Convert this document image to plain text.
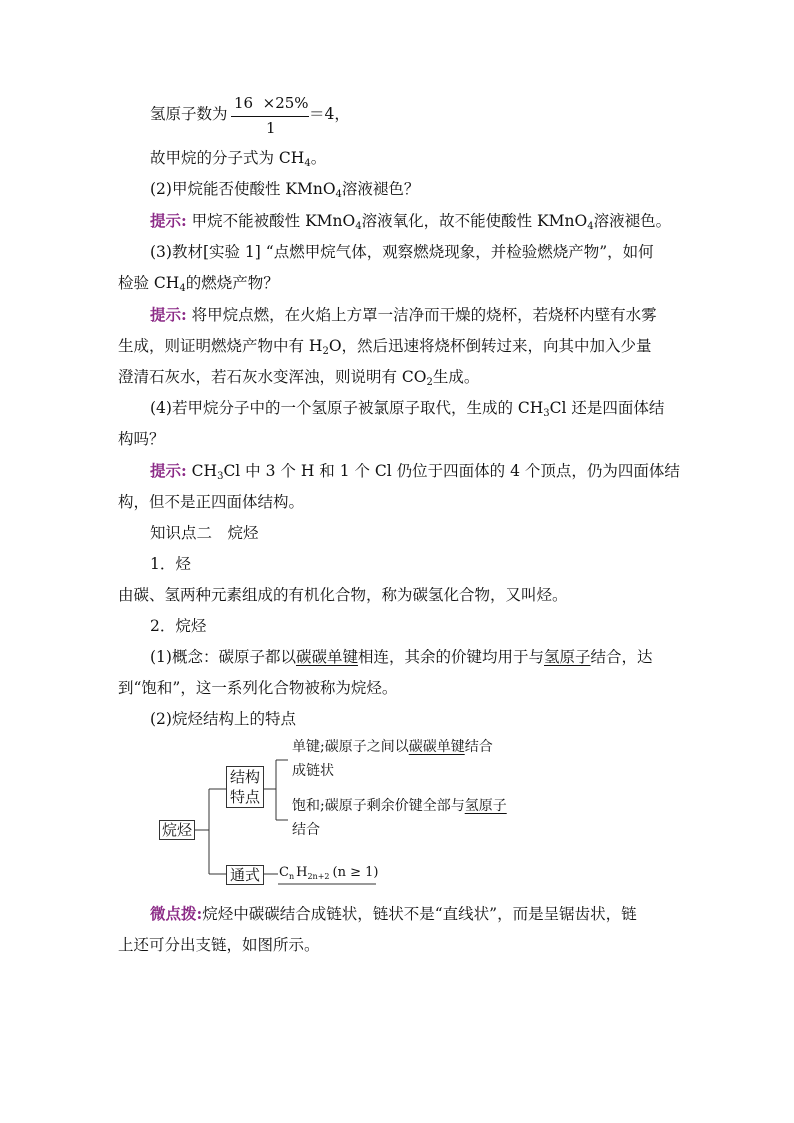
氢原子数为
16  ×25%
1
＝4，
故甲烷的分子式为 $CH_4$。
(2)甲烷能否使酸性 KMnO$_4$溶液褪色？
提示: 甲烷不能被酸性 KMnO$_4$溶液氧化，故不能使酸性 KMnO$_4$溶液褪色。
(3)教材[实验 1] “点燃甲烷气体，观察燃烧现象，并检验燃烧产物”，如何
检验 $CH_4$的燃烧产物？
提示: 将甲烷点燃，在火焰上方罩一洁净而干燥的烧杯，若烧杯内壁有水雾
生成，则证明燃烧产物中有 $H_2O$，然后迅速将烧杯倒转过来，向其中加入少量
澄清石灰水，若石灰水变浑浊，则说明有 $CO_2$生成。
(4)若甲烷分子中的一个氢原子被氯原子取代，生成的 $CH_3Cl$ 还是四面体结
构吗？
提示: $CH_3Cl$ 中 3 个 H 和 1 个 Cl 仍位于四面体的 4 个顶点，仍为四面体结
构，但不是正四面体结构。
知识点二　烷烃
1．烃
由碳、氢两种元素组成的有机化合物，称为碳氢化合物，又叫烃。
2．烷烃
(1)概念：碳原子都以碳碳单键相连，其余的价键均用于与氢原子结合，达
到“饱和”，这一系列化合物被称为烷烃。
(2)烷烃结构上的特点
烷烃
结构
特点
通式
单键;碳原子之间以碳碳单键结合
成链状
饱和;碳原子剩余价键全部与氢原子
结合
$C_n$ $H_{2n+2}$ (n ≥ 1)
微点拨:烷烃中碳碳结合成链状，链状不是“直线状”，而是呈锯齿状，链
上还可分出支链，如图所示。
